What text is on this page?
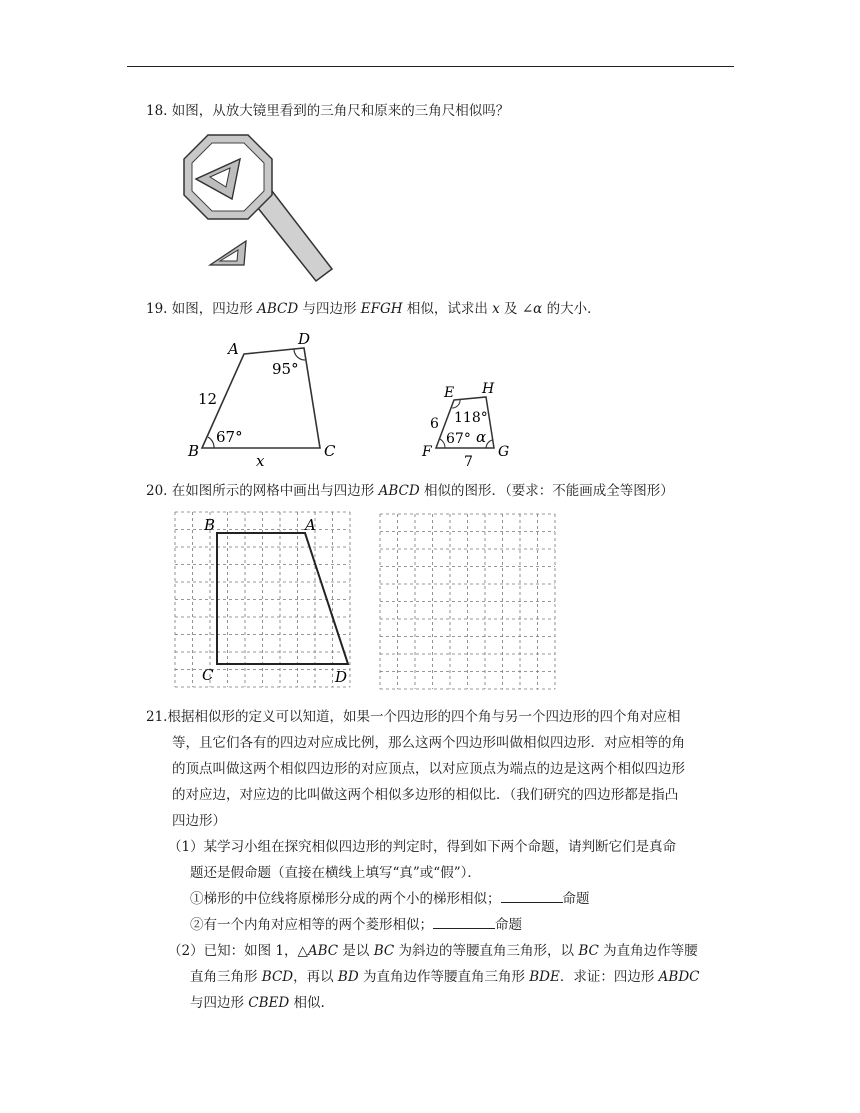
18. 如图，从放大镜里看到的三角尺和原来的三角尺相似吗？
19. 如图，四边形 ABCD 与四边形 EFGH 相似，试求出 x 及 ∠α 的大小．
A
D
B	C
12
x
67°
95°
E H
F	G
6
7
118°
67° α
20. 在如图所示的网格中画出与四边形 ABCD 相似的图形．（要求：不能画成全等图形）
B	A
C	D
21.根据相似形的定义可以知道，如果一个四边形的四个角与另一个四边形的四个角对应相
等，且它们各有的四边对应成比例，那么这两个四边形叫做相似四边形．对应相等的角
的顶点叫做这两个相似四边形的对应顶点，以对应顶点为端点的边是这两个相似四边形
的对应边，对应边的比叫做这两个相似多边形的相似比．（我们研究的四边形都是指凸
四边形）
（1）某学习小组在探究相似四边形的判定时，得到如下两个命题，请判断它们是真命
题还是假命题（直接在横线上填写“真”或“假”）．
①梯形的中位线将原梯形分成的两个小的梯形相似；	命题
②有一个内角对应相等的两个菱形相似；	命题
（2）已知：如图 1，△ABC 是以 BC 为斜边的等腰直角三角形，以 BC 为直角边作等腰
直角三角形 BCD，再以 BD 为直角边作等腰直角三角形 BDE．求证：四边形 ABDC
与四边形 CBED 相似.
